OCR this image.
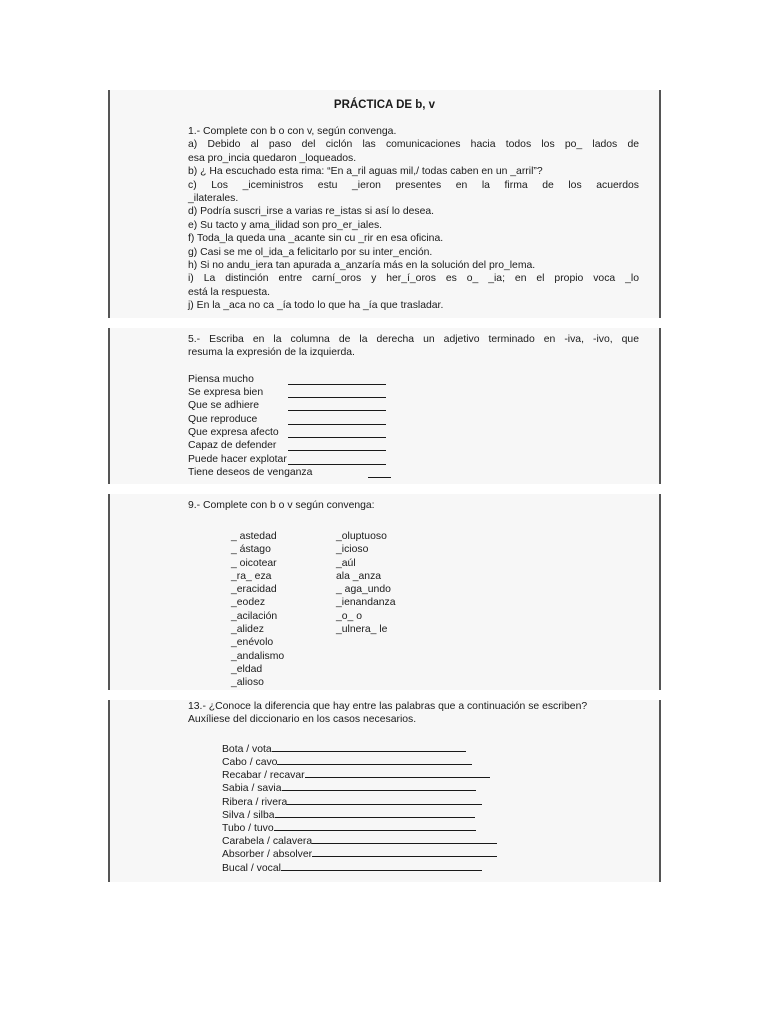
PRÁCTICA DE b, v
1.- Complete con b o con v, según convenga.
a) Debido al paso del ciclón las comunicaciones hacia todos los po_ lados de
esa pro_incia quedaron _loqueados.
b) ¿ Ha escuchado esta rima: “En a_ril aguas mil,/ todas caben en un _arril”?
c) Los _iceministros estu _ieron presentes en la firma de los acuerdos
_ilaterales.
d) Podría suscri_irse a varias re_istas si así lo desea.
e) Su tacto y ama_ilidad son pro_er_iales.
f) Toda_la queda una _acante sin cu _rir en esa oficina.
g) Casi se me ol_ida_a felicitarlo por su inter_ención.
h) Si no andu_iera tan apurada a_anzaría más en la solución del pro_lema.
i) La distinción entre carní_oros y her_í_oros es o_ _ia; en el propio voca _lo
está la respuesta.
j) En la _aca no ca _ía todo lo que ha _ía que trasladar.
5.- Escriba en la columna de la derecha un adjetivo terminado en -iva, -ivo, que
resuma la expresión de la izquierda.
Piensa mucho
Se expresa bien
Que se adhiere
Que reproduce
Que expresa afecto
Capaz de defender
Puede hacer explotar
Tiene deseos de venganza
9.- Complete con b o v según convenga:
_ astedad
_ ástago
_ oicotear
_ra_ eza
_eracidad
_eodez
_acilación
_alidez
_enévolo
_andalismo
_eldad
_alioso
_oluptuoso
_icioso
_aúl
ala _anza
_ aga_undo
_ienandanza
_o_ o
_ulnera_ le
13.- ¿Conoce la diferencia que hay entre las palabras que a continuación se escriben?
Auxíliese del diccionario en los casos necesarios.
Bota / vota
Cabo / cavo
Recabar / recavar
Sabia / savia
Ribera / rivera
Silva / silba
Tubo / tuvo
Carabela / calavera
Absorber / absolver
Bucal / vocal
